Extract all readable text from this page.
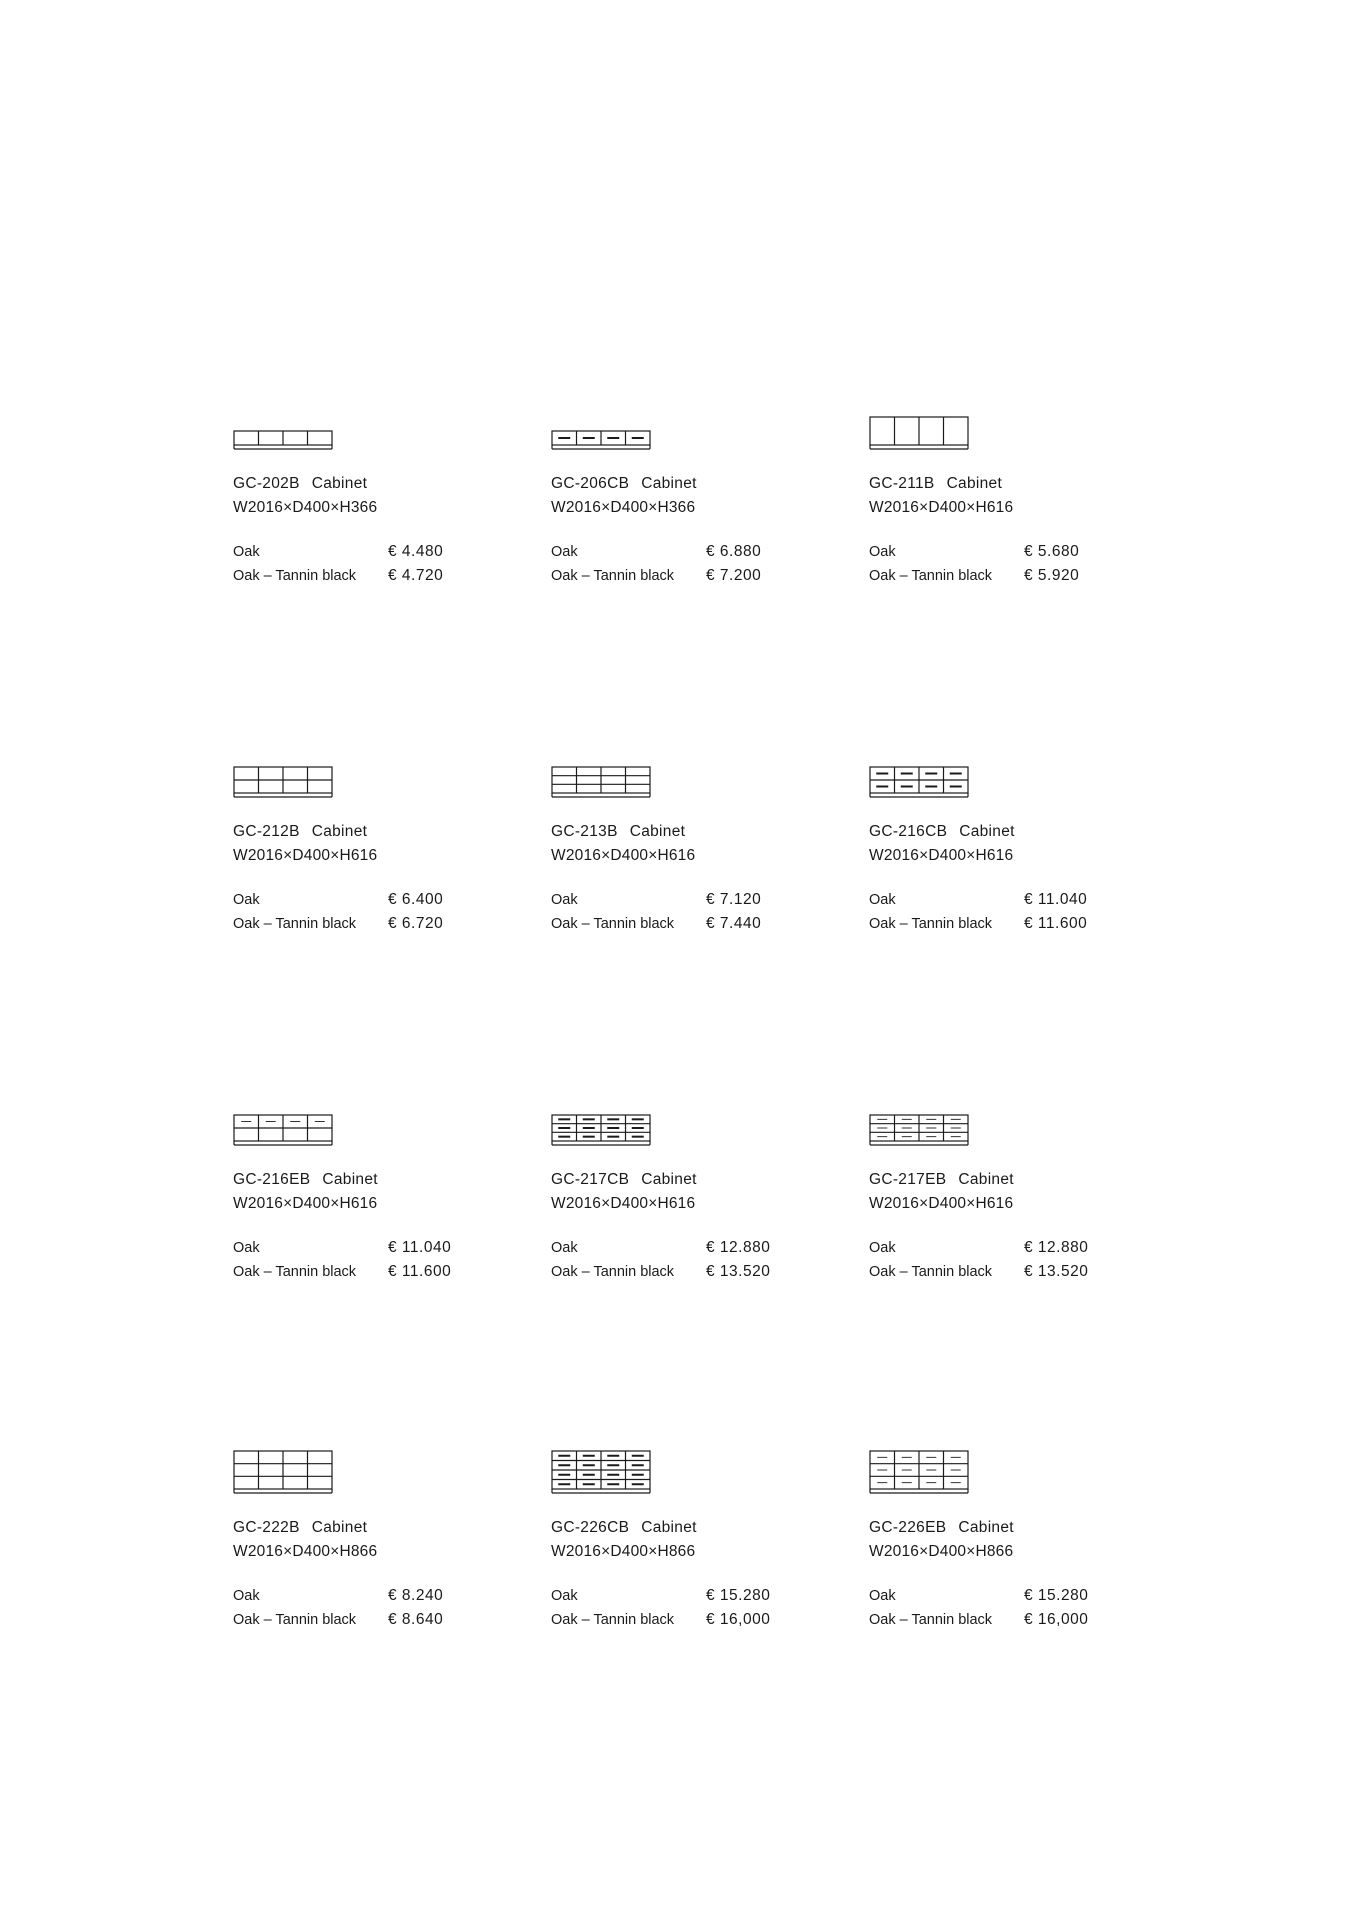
GC-202B Cabinet
W2016×D400×H366
Oak	€ 4.480
Oak – Tannin black € 4.720
GC-206CB Cabinet
W2016×D400×H366
Oak	€ 6.880
Oak – Tannin black € 7.200
GC-211B Cabinet
W2016×D400×H616
Oak	€ 5.680
Oak – Tannin black € 5.920
GC-212B Cabinet
W2016×D400×H616
Oak	€ 6.400
Oak – Tannin black € 6.720
GC-213B Cabinet
W2016×D400×H616
Oak	€ 7.120
Oak – Tannin black € 7.440
GC-216CB Cabinet
W2016×D400×H616
Oak	€ 11.040
Oak – Tannin black € 11.600
GC-216EB Cabinet
W2016×D400×H616
Oak	€ 11.040
Oak – Tannin black € 11.600
GC-217CB Cabinet
W2016×D400×H616
Oak	€ 12.880
Oak – Tannin black € 13.520
GC-217EB Cabinet
W2016×D400×H616
Oak	€ 12.880
Oak – Tannin black € 13.520
GC-222B Cabinet
W2016×D400×H866
Oak	€ 8.240
Oak – Tannin black € 8.640
GC-226CB Cabinet
W2016×D400×H866
Oak	€ 15.280
Oak – Tannin black € 16,000
GC-226EB Cabinet
W2016×D400×H866
Oak	€ 15.280
Oak – Tannin black € 16,000
